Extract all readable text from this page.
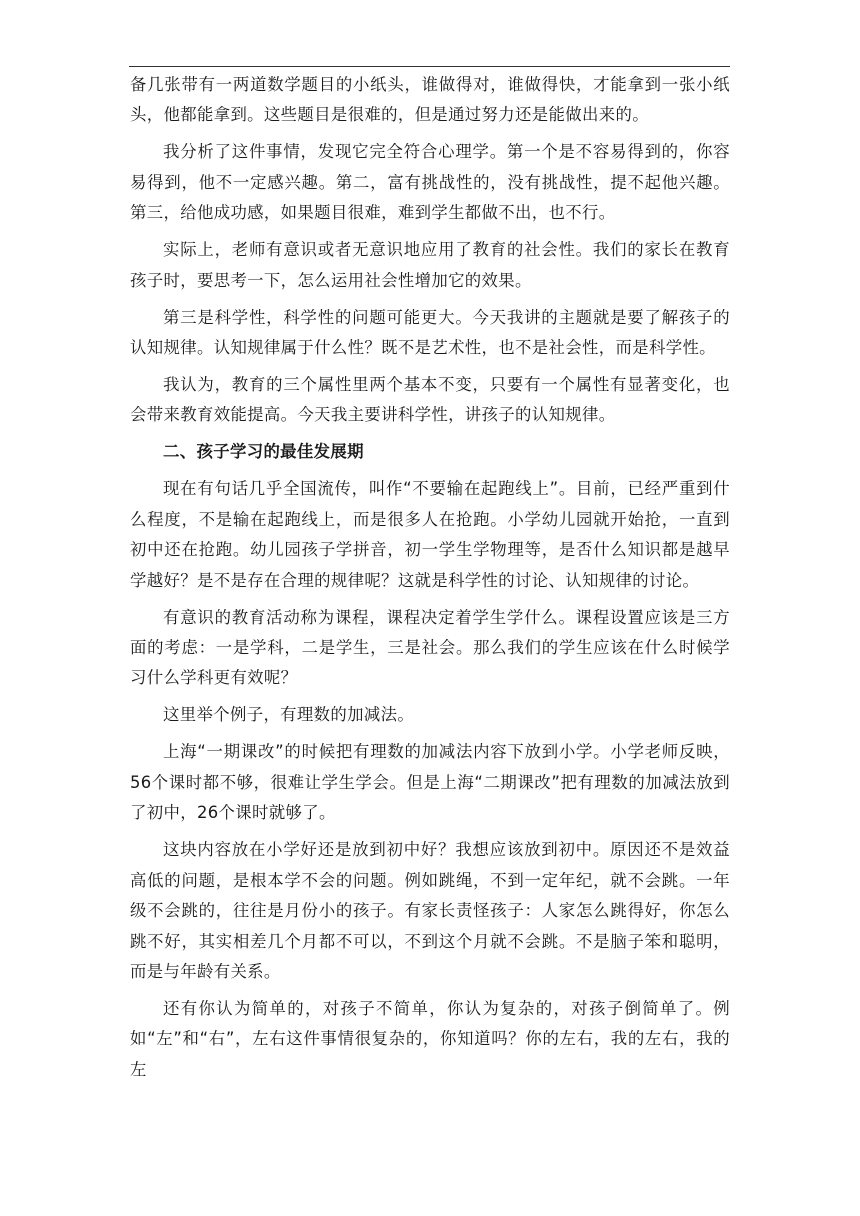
备几张带有一两道数学题目的小纸头，谁做得对，谁做得快，才能拿到一张小纸头，他都能拿到。这些题目是很难的，但是通过努力还是能做出来的。

我分析了这件事情，发现它完全符合心理学。第一个是不容易得到的，你容易得到，他不一定感兴趣。第二，富有挑战性的，没有挑战性，提不起他兴趣。第三，给他成功感，如果题目很难，难到学生都做不出，也不行。

实际上，老师有意识或者无意识地应用了教育的社会性。我们的家长在教育孩子时，要思考一下，怎么运用社会性增加它的效果。

第三是科学性，科学性的问题可能更大。今天我讲的主题就是要了解孩子的认知规律。认知规律属于什么性？既不是艺术性，也不是社会性，而是科学性。

我认为，教育的三个属性里两个基本不变，只要有一个属性有显著变化，也会带来教育效能提高。今天我主要讲科学性，讲孩子的认知规律。

二、孩子学习的最佳发展期

现在有句话几乎全国流传，叫作“不要输在起跑线上”。目前，已经严重到什么程度，不是输在起跑线上，而是很多人在抢跑。小学幼儿园就开始抢，一直到初中还在抢跑。幼儿园孩子学拼音，初一学生学物理等，是否什么知识都是越早学越好？是不是存在合理的规律呢？这就是科学性的讨论、认知规律的讨论。

有意识的教育活动称为课程，课程决定着学生学什么。课程设置应该是三方面的考虑：一是学科，二是学生，三是社会。那么我们的学生应该在什么时候学习什么学科更有效呢？

这里举个例子，有理数的加减法。

上海“一期课改”的时候把有理数的加减法内容下放到小学。小学老师反映，56个课时都不够，很难让学生学会。但是上海“二期课改”把有理数的加减法放到了初中，26个课时就够了。

这块内容放在小学好还是放到初中好？我想应该放到初中。原因还不是效益高低的问题，是根本学不会的问题。例如跳绳，不到一定年纪，就不会跳。一年级不会跳的，往往是月份小的孩子。有家长责怪孩子：人家怎么跳得好，你怎么跳不好，其实相差几个月都不可以，不到这个月就不会跳。不是脑子笨和聪明，而是与年龄有关系。

还有你认为简单的，对孩子不简单，你认为复杂的，对孩子倒简单了。例如“左”和“右”，左右这件事情很复杂的，你知道吗？你的左右，我的左右，我的左
